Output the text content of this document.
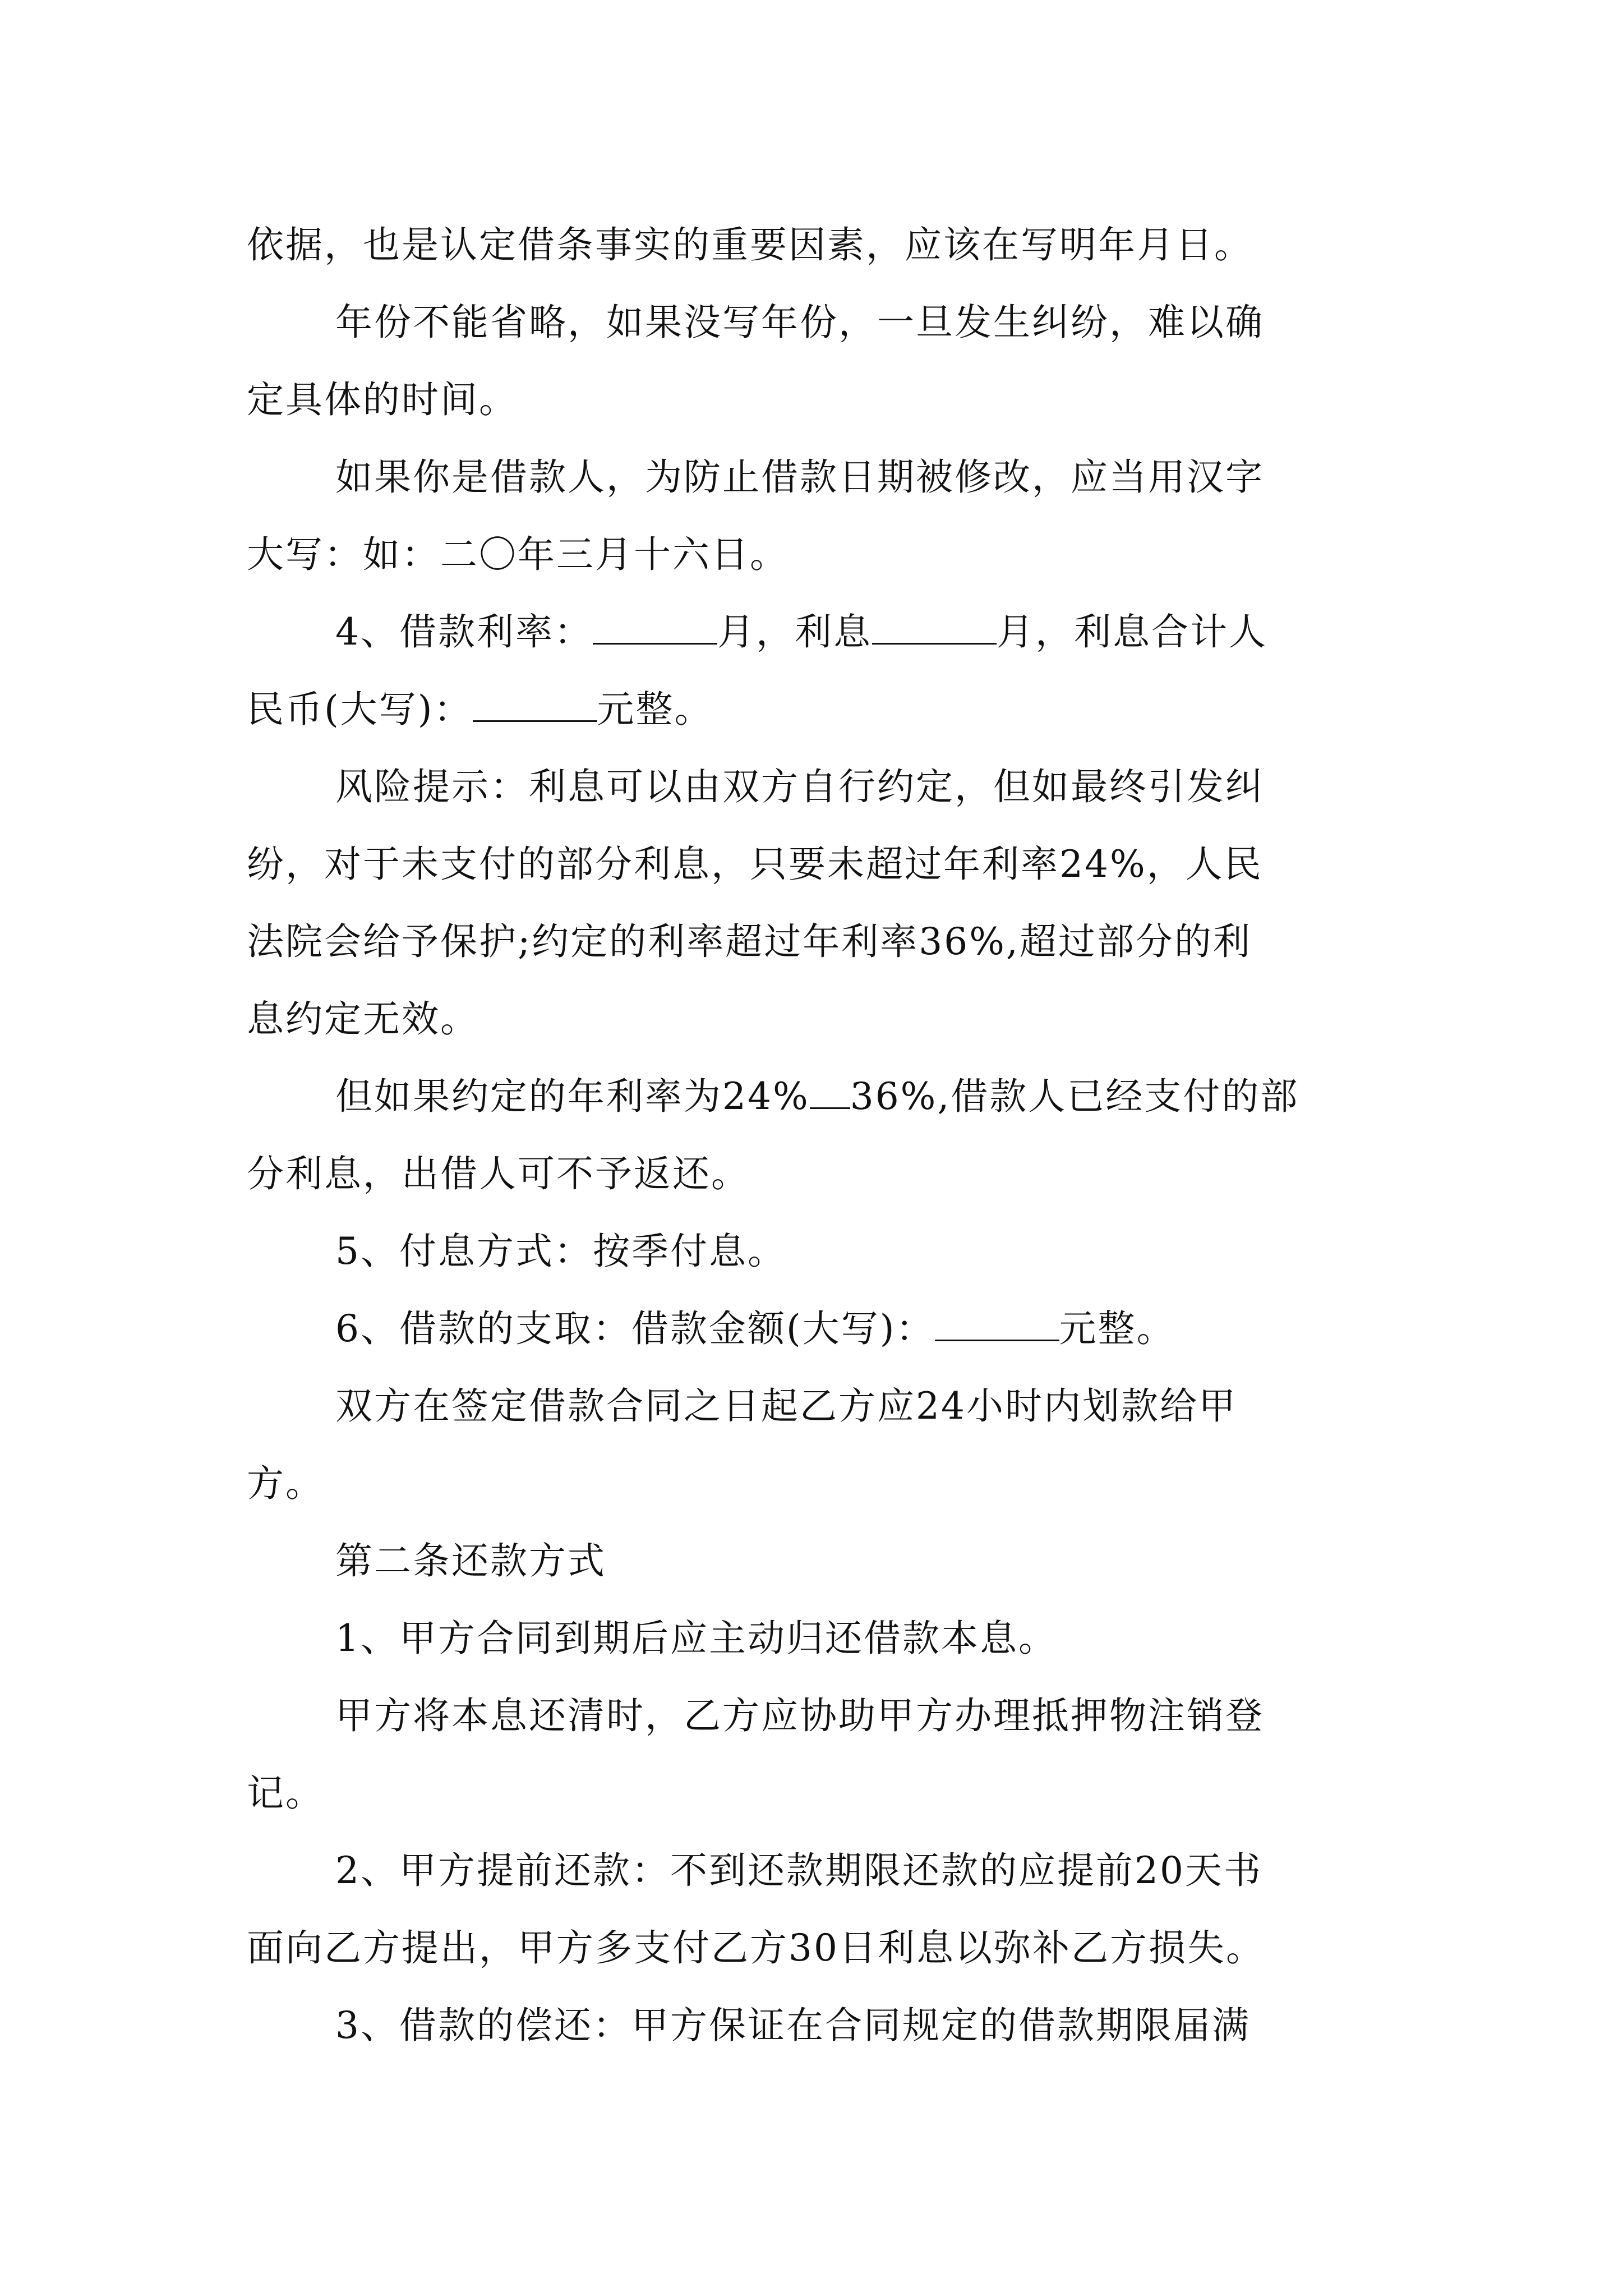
依据，也是认定借条事实的重要因素，应该在写明年月日。
年份不能省略，如果没写年份，一旦发生纠纷，难以确
定具体的时间。
如果你是借款人，为防止借款日期被修改，应当用汉字
大写：如：二〇年三月十六日。
4、借款利率：	月，利息	月，利息合计人
民币(大写)：	元整。
风险提示：利息可以由双方自行约定，但如最终引发纠
纷，对于未支付的部分利息，只要未超过年利率24%，人民
法院会给予保护;约定的利率超过年利率36%,超过部分的利
息约定无效。
但如果约定的年利率为24% 36%,借款人已经支付的部
分利息，出借人可不予返还。
5、付息方式：按季付息。
6、借款的支取：借款金额(大写)：	元整。
双方在签定借款合同之日起乙方应24小时内划款给甲
方。
第二条还款方式
1、甲方合同到期后应主动归还借款本息。
甲方将本息还清时，乙方应协助甲方办理抵押物注销登
记。
2、甲方提前还款：不到还款期限还款的应提前20天书
面向乙方提出，甲方多支付乙方30日利息以弥补乙方损失。
3、借款的偿还：甲方保证在合同规定的借款期限届满
